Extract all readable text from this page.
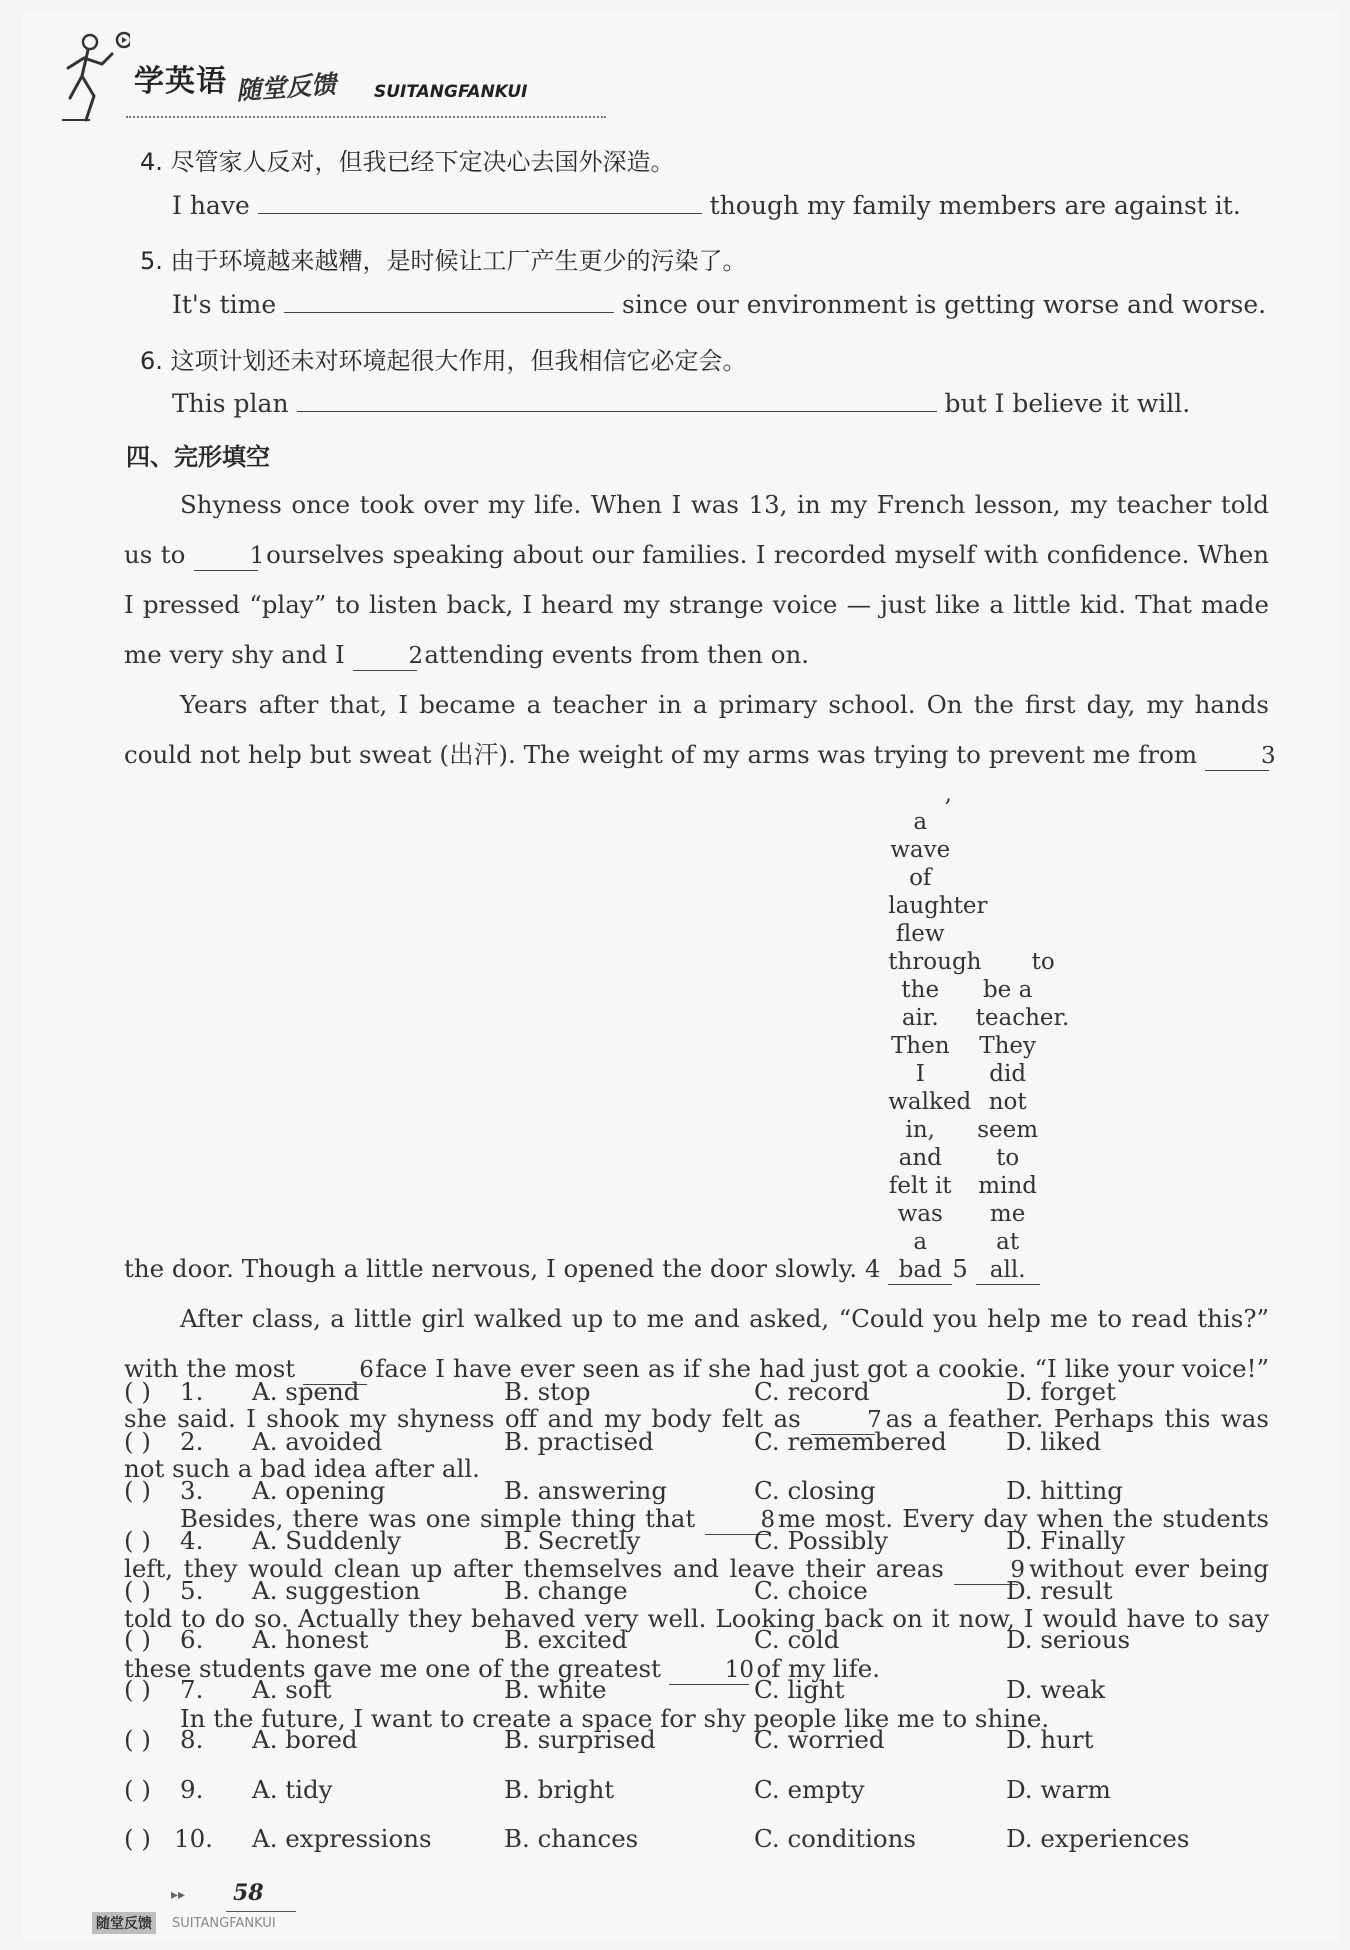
学英语 随堂反馈 SUITANGFANKUI
4. 尽管家人反对，但我已经下定决心去国外深造。
I have	though my family members are against it.
5. 由于环境越来越糟，是时候让工厂产生更少的污染了。
It's time	since our environment is getting worse and worse.
6. 这项计划还未对环境起很大作用，但我相信它必定会。
This plan	but I believe it will.
四、完形填空

Shyness once took over my life. When I was 13, in my French lesson, my teacher told us to	1 ourselves speaking about our families. I recorded myself with confidence. When I pressed “play” to listen back, I heard my strange voice — just like a little kid. That made me very shy and I	2 attending events from then on.

Years after that, I became a teacher in a primary school. On the first day, my hands could not help but sweat (出汗). The weight of my arms was trying to prevent me from	3 the door. Though a little nervous, I opened the door slowly. 4 , a wave of laughter flew through the air. Then I walked in, and felt it was a bad 5 to be a teacher. They did not seem to mind me at all.

After class, a little girl walked up to me and asked, “Could you help me to read this?” with the most	6 face I have ever seen as if she had just got a cookie. “I like your voice!” she said. I shook my shyness off and my body felt as	7 as a feather. Perhaps this was not such a bad idea after all.

Besides, there was one simple thing that	8 me most. Every day when the students left, they would clean up after themselves and leave their areas	9 without ever being told to do so. Actually they behaved very well. Looking back on it now, I would have to say these students gave me one of the greatest	10 of my life.

In the future, I want to create a space for shy people like me to shine.

( ) 1. A. spend	B. stop	C. record	D. forget
( ) 2. A. avoided	B. practised	C. remembered D. liked
( ) 3. A. opening	B. answering	C. closing	D. hitting
( ) 4. A. Suddenly	B. Secretly	C. Possibly	D. Finally
( ) 5. A. suggestion	B. change	C. choice	D. result
( ) 6. A. honest	B. excited	C. cold	D. serious
( ) 7. A. soft	B. white	C. light	D. weak
( ) 8. A. bored	B. surprised	C. worried	D. hurt
( ) 9. A. tidy	B. bright	C. empty	D. warm
( ) 10. A. expressions	B. chances	C. conditions	D. experiences
▸▸ 58
随堂反馈	SUITANGFANKUI
